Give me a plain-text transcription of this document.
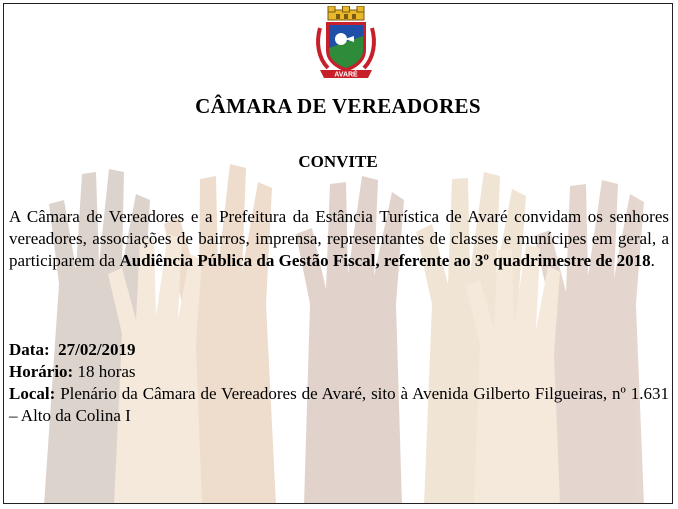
AVARÉ
CÂMARA DE VEREADORES
CONVITE

A Câmara de Vereadores e a Prefeitura da Estância Turística de Avaré convidam os senhores vereadores, associações de bairros, imprensa, representantes de classes e munícipes em geral, a participarem da Audiência Pública da Gestão Fiscal, referente ao 3º quadrimestre de 2018.

Data: 27/02/2019
Horário: 18 horas
Local: Plenário da Câmara de Vereadores de Avaré, sito à Avenida Gilberto Filgueiras, nº 1.631 – Alto da Colina I
